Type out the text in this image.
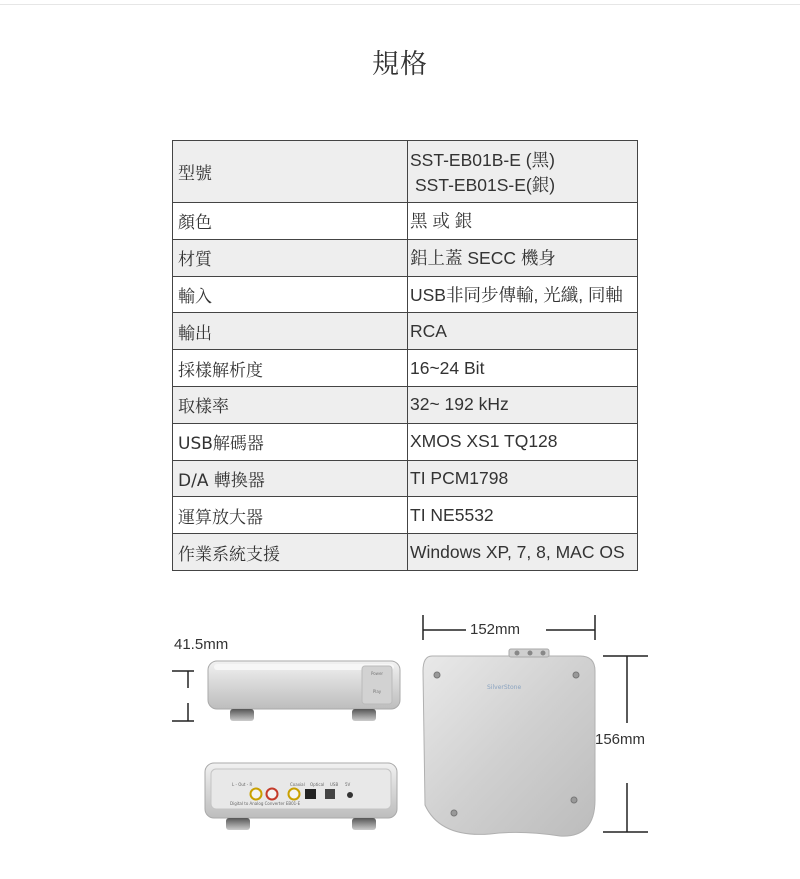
規格
型號	SST-EB01B-E (黑)
SST-EB01S-E(銀)

顏色	黑 或 銀
材質	鋁上蓋 SECC 機身
輸入	USB非同步傳輸, 光纖, 同軸
輸出	RCA
採樣解析度	16~24 Bit
取樣率	32~ 192 kHz
USB解碼器	XMOS XS1 TQ128
D/A 轉換器	TI PCM1798
運算放大器	TI NE5532
作業系統支援	Windows XP, 7, 8, MAC OS
Power
Play
L - Out - R	Coaxial Optical USB 5V
Digital to Analog Converter EB01-E
SilverStone
41.5mm
152mm
156mm
